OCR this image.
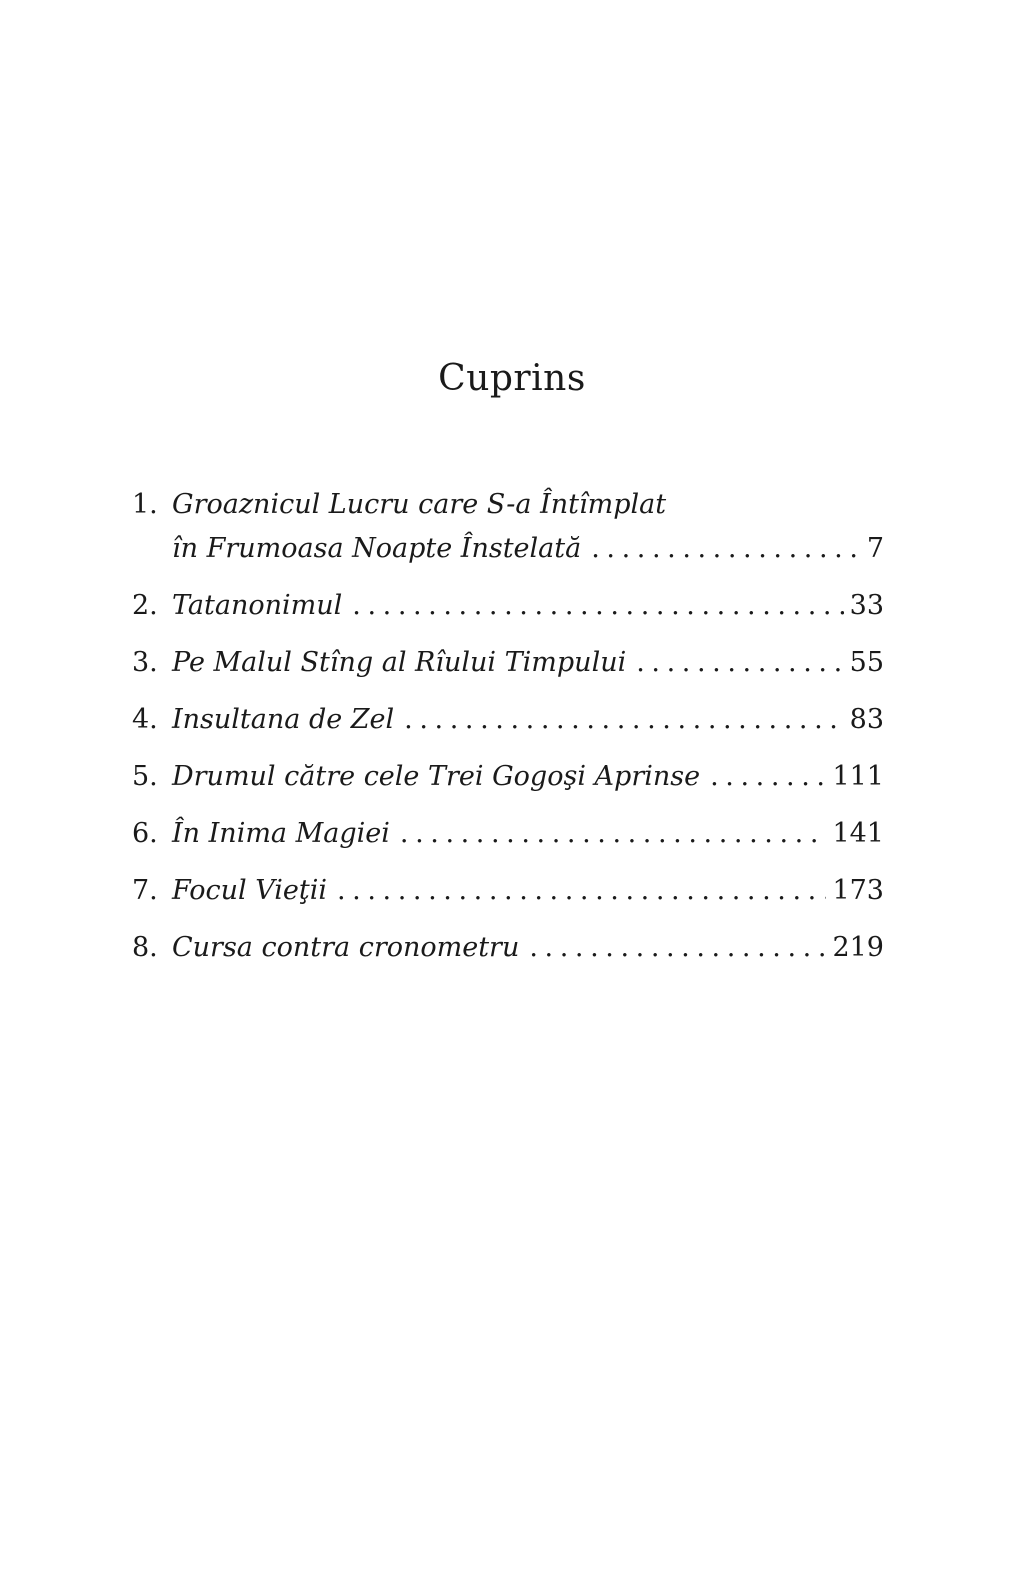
Cuprins
1. Groaznicul Lucru care S-a Întîmplat
în Frumoasa Noapte Înstelată .....	7
2. Tatanonimul .....	33
3. Pe Malul Stîng al Rîului Timpului .....	55
4. Insultana de Zel .....	83
5. Drumul către cele Trei Gogoşi Aprinse .....	111
6. În Inima Magiei .....	141
7. Focul Vieţii .....	173
8. Cursa contra cronometru .....	219
